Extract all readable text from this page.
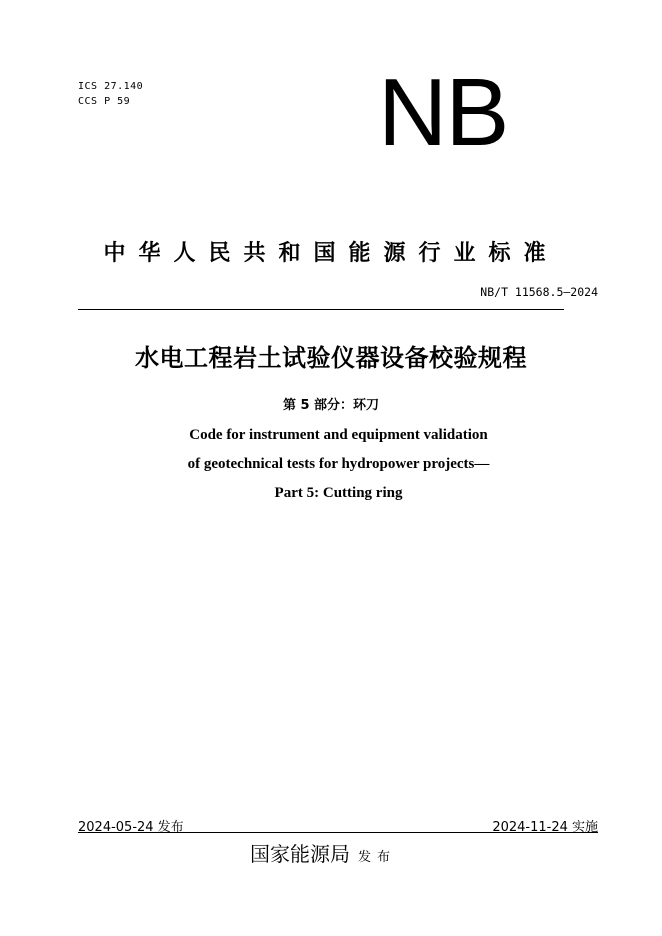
ICS 27.140
CCS P 59	NB
中华人民共和国能源行业标准
NB/T 11568.5—2024
水电工程岩土试验仪器设备校验规程
第 5 部分：环刀
Code for instrument and equipment validation
of geotechnical tests for hydropower projects—
Part 5: Cutting ring
2024-05-24 发布	2024-11-24 实施
国家能源局 发布
